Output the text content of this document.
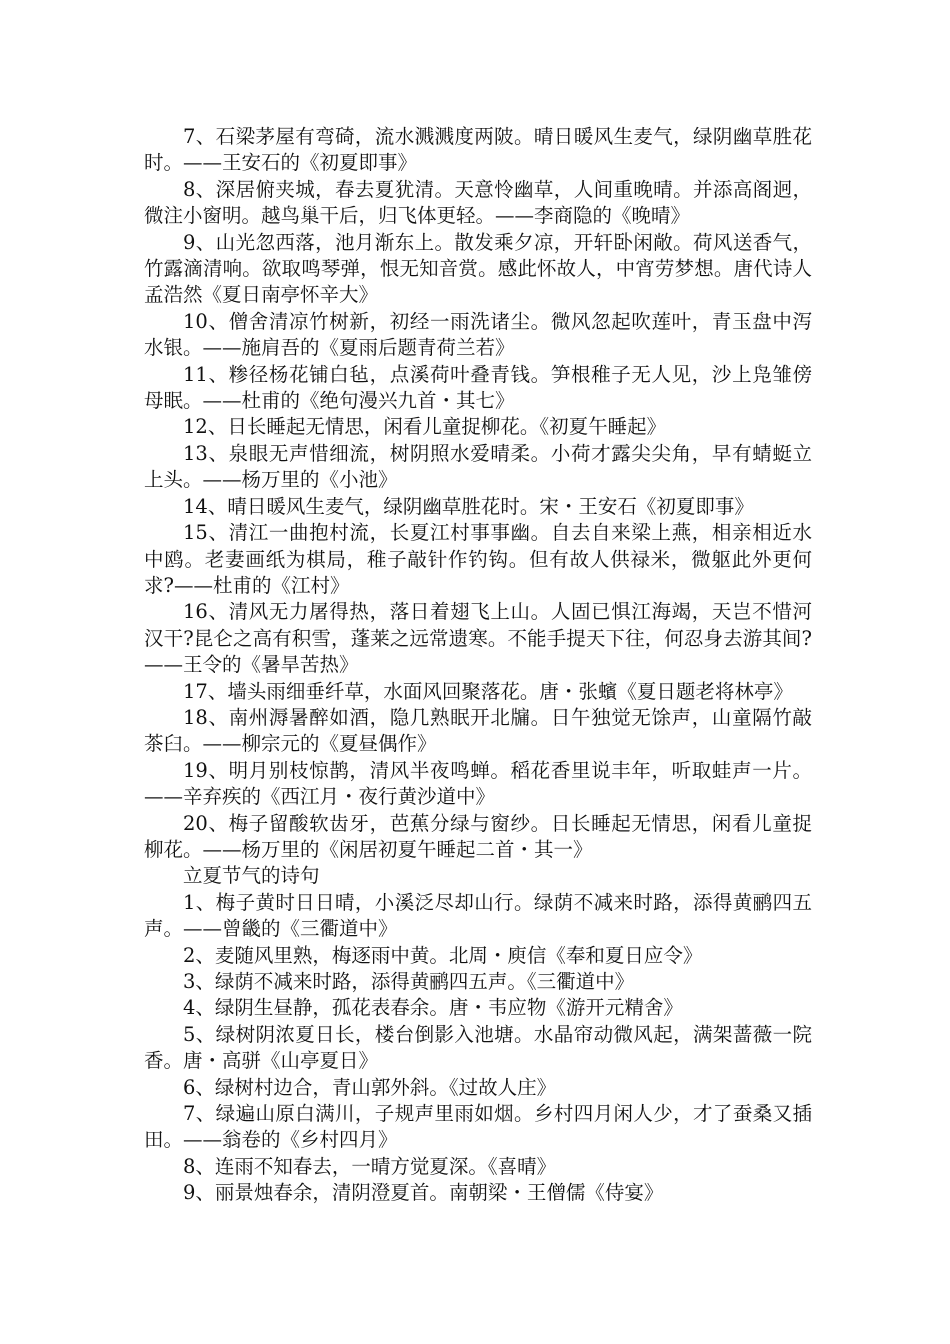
7、石梁茅屋有弯碕，流水溅溅度两陂。晴日暖风生麦气，绿阴幽草胜花时。——王安石的《初夏即事》

8、深居俯夹城，春去夏犹清。天意怜幽草，人间重晚晴。并添高阁迥，微注小窗明。越鸟巢干后，归飞体更轻。——李商隐的《晚晴》

9、山光忽西落，池月渐东上。散发乘夕凉，开轩卧闲敞。荷风送香气，竹露滴清响。欲取鸣琴弹，恨无知音赏。感此怀故人，中宵劳梦想。唐代诗人孟浩然《夏日南亭怀辛大》

10、僧舍清凉竹树新，初经一雨洗诸尘。微风忽起吹莲叶，青玉盘中泻水银。——施肩吾的《夏雨后题青荷兰若》

11、糁径杨花铺白毡，点溪荷叶叠青钱。笋根稚子无人见，沙上凫雏傍母眠。——杜甫的《绝句漫兴九首・其七》

12、日长睡起无情思，闲看儿童捉柳花。《初夏午睡起》

13、泉眼无声惜细流，树阴照水爱晴柔。小荷才露尖尖角，早有蜻蜓立上头。——杨万里的《小池》

14、晴日暖风生麦气，绿阴幽草胜花时。宋・王安石《初夏即事》

15、清江一曲抱村流，长夏江村事事幽。自去自来梁上燕，相亲相近水中鸥。老妻画纸为棋局，稚子敲针作钓钩。但有故人供禄米，微躯此外更何求?——杜甫的《江村》

16、清风无力屠得热，落日着翅飞上山。人固已惧江海竭，天岂不惜河汉干?昆仑之高有积雪，蓬莱之远常遗寒。不能手提天下往，何忍身去游其间?——王令的《暑旱苦热》

17、墙头雨细垂纤草，水面风回聚落花。唐・张蠙《夏日题老将林亭》

18、南州溽暑醉如酒，隐几熟眠开北牖。日午独觉无馀声，山童隔竹敲茶臼。——柳宗元的《夏昼偶作》

19、明月别枝惊鹊，清风半夜鸣蝉。稻花香里说丰年，听取蛙声一片。——辛弃疾的《西江月・夜行黄沙道中》

20、梅子留酸软齿牙，芭蕉分绿与窗纱。日长睡起无情思，闲看儿童捉柳花。——杨万里的《闲居初夏午睡起二首・其一》

立夏节气的诗句

1、梅子黄时日日晴，小溪泛尽却山行。绿荫不减来时路，添得黄鹂四五声。——曾畿的《三衢道中》

2、麦随风里熟，梅逐雨中黄。北周・庾信《奉和夏日应令》

3、绿荫不减来时路，添得黄鹂四五声。《三衢道中》

4、绿阴生昼静，孤花表春余。唐・韦应物《游开元精舍》

5、绿树阴浓夏日长，楼台倒影入池塘。水晶帘动微风起，满架蔷薇一院香。唐・高骈《山亭夏日》

6、绿树村边合，青山郭外斜。《过故人庄》

7、绿遍山原白满川，子规声里雨如烟。乡村四月闲人少，才了蚕桑又插田。——翁卷的《乡村四月》

8、连雨不知春去，一晴方觉夏深。《喜晴》

9、丽景烛春余，清阴澄夏首。南朝梁・王僧儒《侍宴》
